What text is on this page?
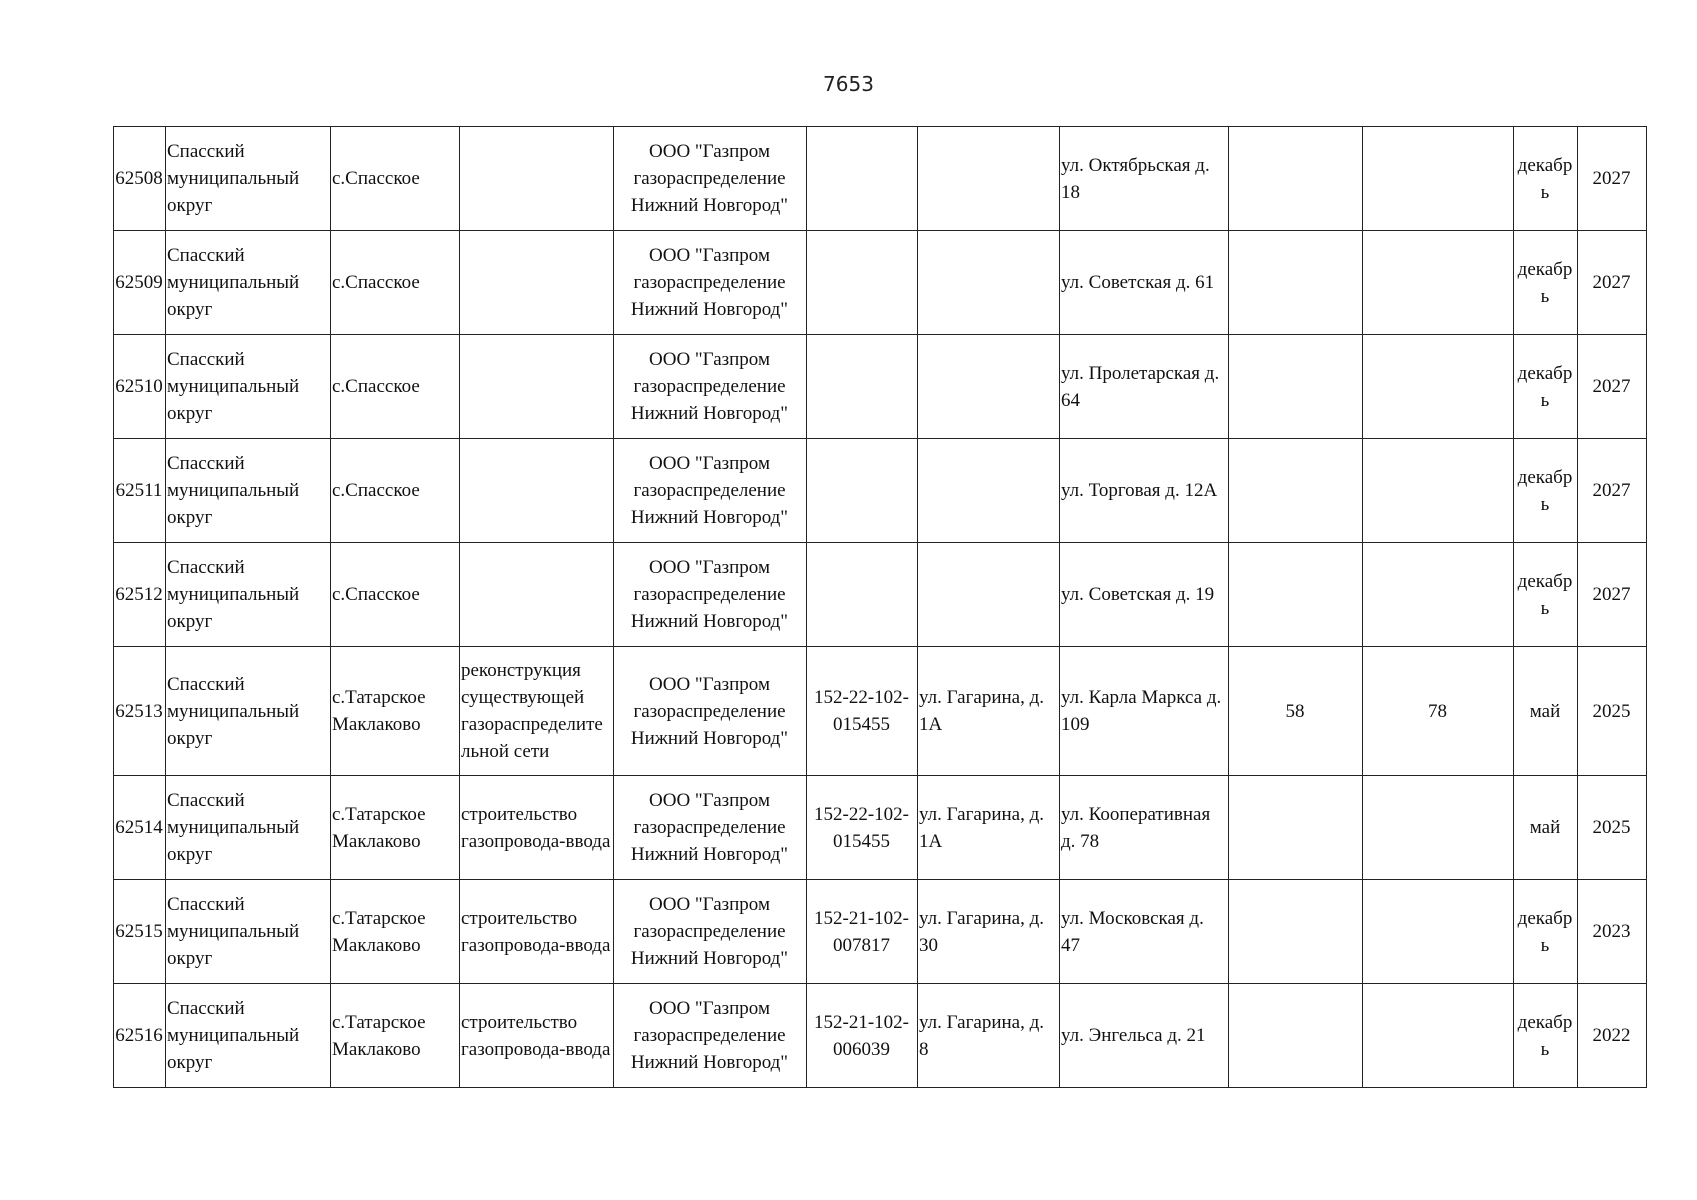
7653
62508	Спасский муниципальный округ	с.Спасское		ООО "Газпром газораспределение Нижний Новгород"			ул. Октябрьская д. 18			декабрь	2027
62509	Спасский муниципальный округ	с.Спасское		ООО "Газпром газораспределение Нижний Новгород"			ул. Советская д. 61			декабрь	2027
62510	Спасский муниципальный округ	с.Спасское		ООО "Газпром газораспределение Нижний Новгород"			ул. Пролетарская д. 64			декабрь	2027
62511	Спасский муниципальный округ	с.Спасское		ООО "Газпром газораспределение Нижний Новгород"			ул. Торговая д. 12А			декабрь	2027
62512	Спасский муниципальный округ	с.Спасское		ООО "Газпром газораспределение Нижний Новгород"			ул. Советская д. 19			декабрь	2027
62513	Спасский муниципальный округ	с.Татарское Маклаково	реконструкция существующей газораспределительной сети	ООО "Газпром газораспределение Нижний Новгород"	152-22-102-015455	ул. Гагарина, д. 1А	ул. Карла Маркса д. 109	58	78	май	2025
62514	Спасский муниципальный округ	с.Татарское Маклаково	строительство газопровода-ввода	ООО "Газпром газораспределение Нижний Новгород"	152-22-102-015455	ул. Гагарина, д. 1А	ул. Кооперативная д. 78			май	2025
62515	Спасский муниципальный округ	с.Татарское Маклаково	строительство газопровода-ввода	ООО "Газпром газораспределение Нижний Новгород"	152-21-102-007817	ул. Гагарина, д. 30	ул. Московская д. 47			декабрь	2023
62516	Спасский муниципальный округ	с.Татарское Маклаково	строительство газопровода-ввода	ООО "Газпром газораспределение Нижний Новгород"	152-21-102-006039	ул. Гагарина, д. 8	ул. Энгельса д. 21			декабрь	2022
